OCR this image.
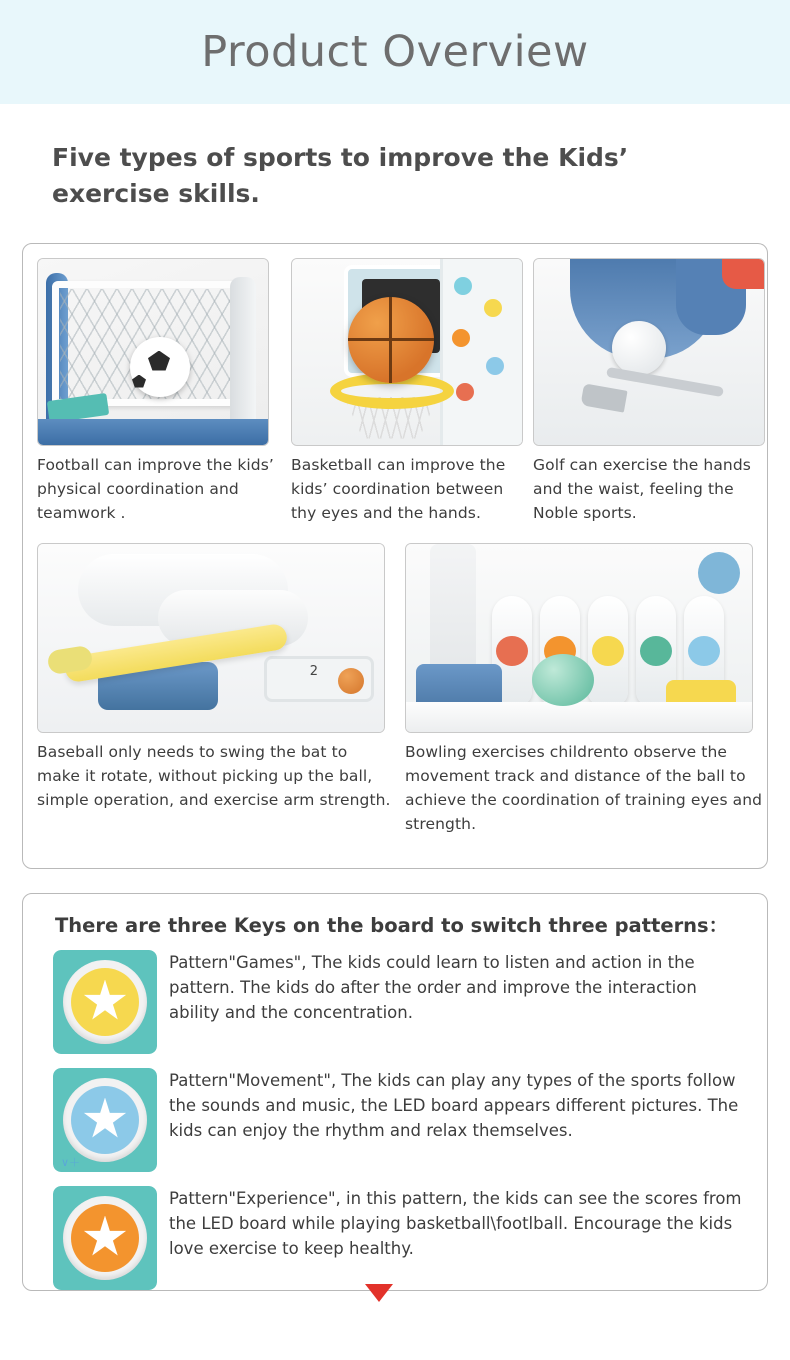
Product Overview
Five types of sports to improve the Kids’ exercise skills.
Football can improve the kids’ physical coordination and teamwork .
Basketball can improve the kids’ coordination between thy eyes and the hands.
Golf can exercise the hands and the waist, feeling the Noble sports.
2
Baseball only needs to swing the bat to make it rotate, without picking up the ball, simple operation, and exercise arm strength.
Bowling exercises childrento observe the movement track and distance of the ball to achieve the coordination of training eyes and strength.
There are three Keys on the board to switch three patterns：
Pattern"Games", The kids could learn to listen and action in the pattern. The kids do after the order and improve the interaction ability and the concentration.
∨＋
Pattern"Movement", The kids can play any types of the sports follow the sounds and music, the LED board appears different pictures. The kids can enjoy the rhythm and relax themselves.
Pattern"Experience", in this pattern, the kids can see the scores from the LED board while playing basketball\footlball. Encourage the kids love exercise to keep healthy.
